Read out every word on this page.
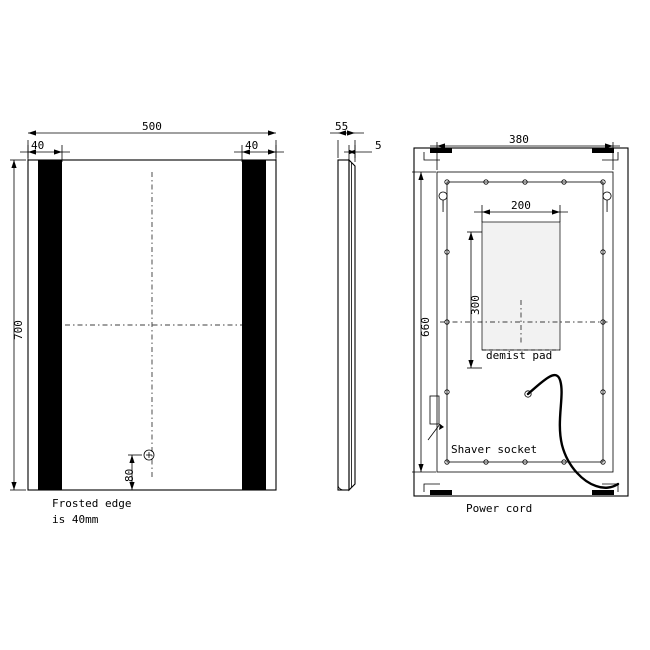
500
40	40
700
80
Frosted edge
is 40mm
55
5	380
660
200
300
demist pad
Shaver socket
Power cord
